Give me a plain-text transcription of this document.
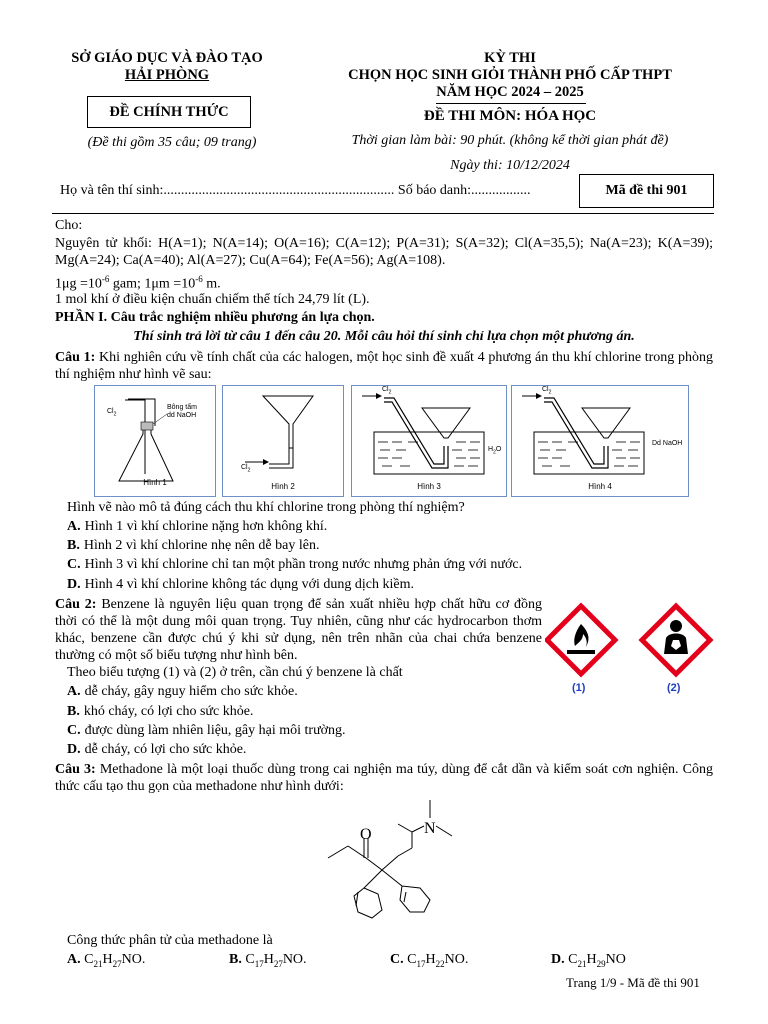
SỞ GIÁO DỤC VÀ ĐÀO TẠO
HẢI PHÒNG
ĐỀ CHÍNH THỨC
(Đề thi gồm 35 câu; 09 trang)
KỲ THI
CHỌN HỌC SINH GIỎI THÀNH PHỐ CẤP THPT
NĂM HỌC 2024 – 2025
ĐỀ THI MÔN: HÓA HỌC
Thời gian làm bài: 90 phút. (không kể thời gian phát đề)
Ngày thi: 10/12/2024
Họ và tên thí sinh:.................................................................. Số báo danh:.................	Mã đề thi 901
Cho:
Nguyên tử khối: H(A=1); N(A=14); O(A=16); C(A=12); P(A=31); S(A=32); Cl(A=35,5); Na(A=23); K(A=39); Mg(A=24); Ca(A=40); Al(A=27); Cu(A=64); Fe(A=56); Ag(A=108).
$1\mu g =10^{-6}$ gam; $1\mu m =10^{-6}$ m.
1 mol khí ở điều kiện chuẩn chiếm thể tích 24,79 lít (L).
PHẦN I. Câu trắc nghiệm nhiều phương án lựa chọn.
Thí sinh trả lời từ câu 1 đến câu 20. Mỗi câu hỏi thí sinh chỉ lựa chọn một phương án.
Câu 1: Khi nghiên cứu về tính chất của các halogen, một học sinh đề xuất 4 phương án thu khí chlorine trong phòng thí nghiệm như hình vẽ sau:
$Cl_2$
Bông tẩm
dd NaOH
Hình 1
$Cl_2$
Hình 2
$Cl_2$
$H_2O$
Hình 3
$Cl_2$
Dd NaOH
Hình 4
Hình vẽ nào mô tả đúng cách thu khí chlorine trong phòng thí nghiệm?
A. Hình 1 vì khí chlorine nặng hơn không khí.
B. Hình 2 vì khí chlorine nhẹ nên dễ bay lên.
C. Hình 3 vì khí chlorine chỉ tan một phần trong nước nhưng phản ứng với nước.
D. Hình 4 vì khí chlorine không tác dụng với dung dịch kiềm.
Câu 2: Benzene là nguyên liệu quan trọng để sản xuất nhiều hợp chất hữu cơ đồng thời có thể là một dung môi quan trọng. Tuy nhiên, cũng như các hydrocarbon thơm khác, benzene cần được chú ý khi sử dụng, nên trên nhãn của chai chứa benzene thường có một số biểu tượng như hình bên.
(1)	(2)
Theo biểu tượng (1) và (2) ở trên, cần chú ý benzene là chất
A. dễ cháy, gây nguy hiểm cho sức khỏe.
B. khó cháy, có lợi cho sức khỏe.
C. được dùng làm nhiên liệu, gây hại môi trường.
D. dễ cháy, có lợi cho sức khỏe.
Câu 3: Methadone là một loại thuốc dùng trong cai nghiện ma túy, dùng để cắt dần và kiểm soát cơn nghiện. Công thức cấu tạo thu gọn của methadone như hình dưới:
O	N
Công thức phân tử của methadone là
A. $C_{21}H_{27}NO$.	B. $C_{17}H_{27}NO$.	C. $C_{17}H_{22}NO$.	D. $C_{21}H_{29}NO$
Trang 1/9 - Mã đề thi 901
